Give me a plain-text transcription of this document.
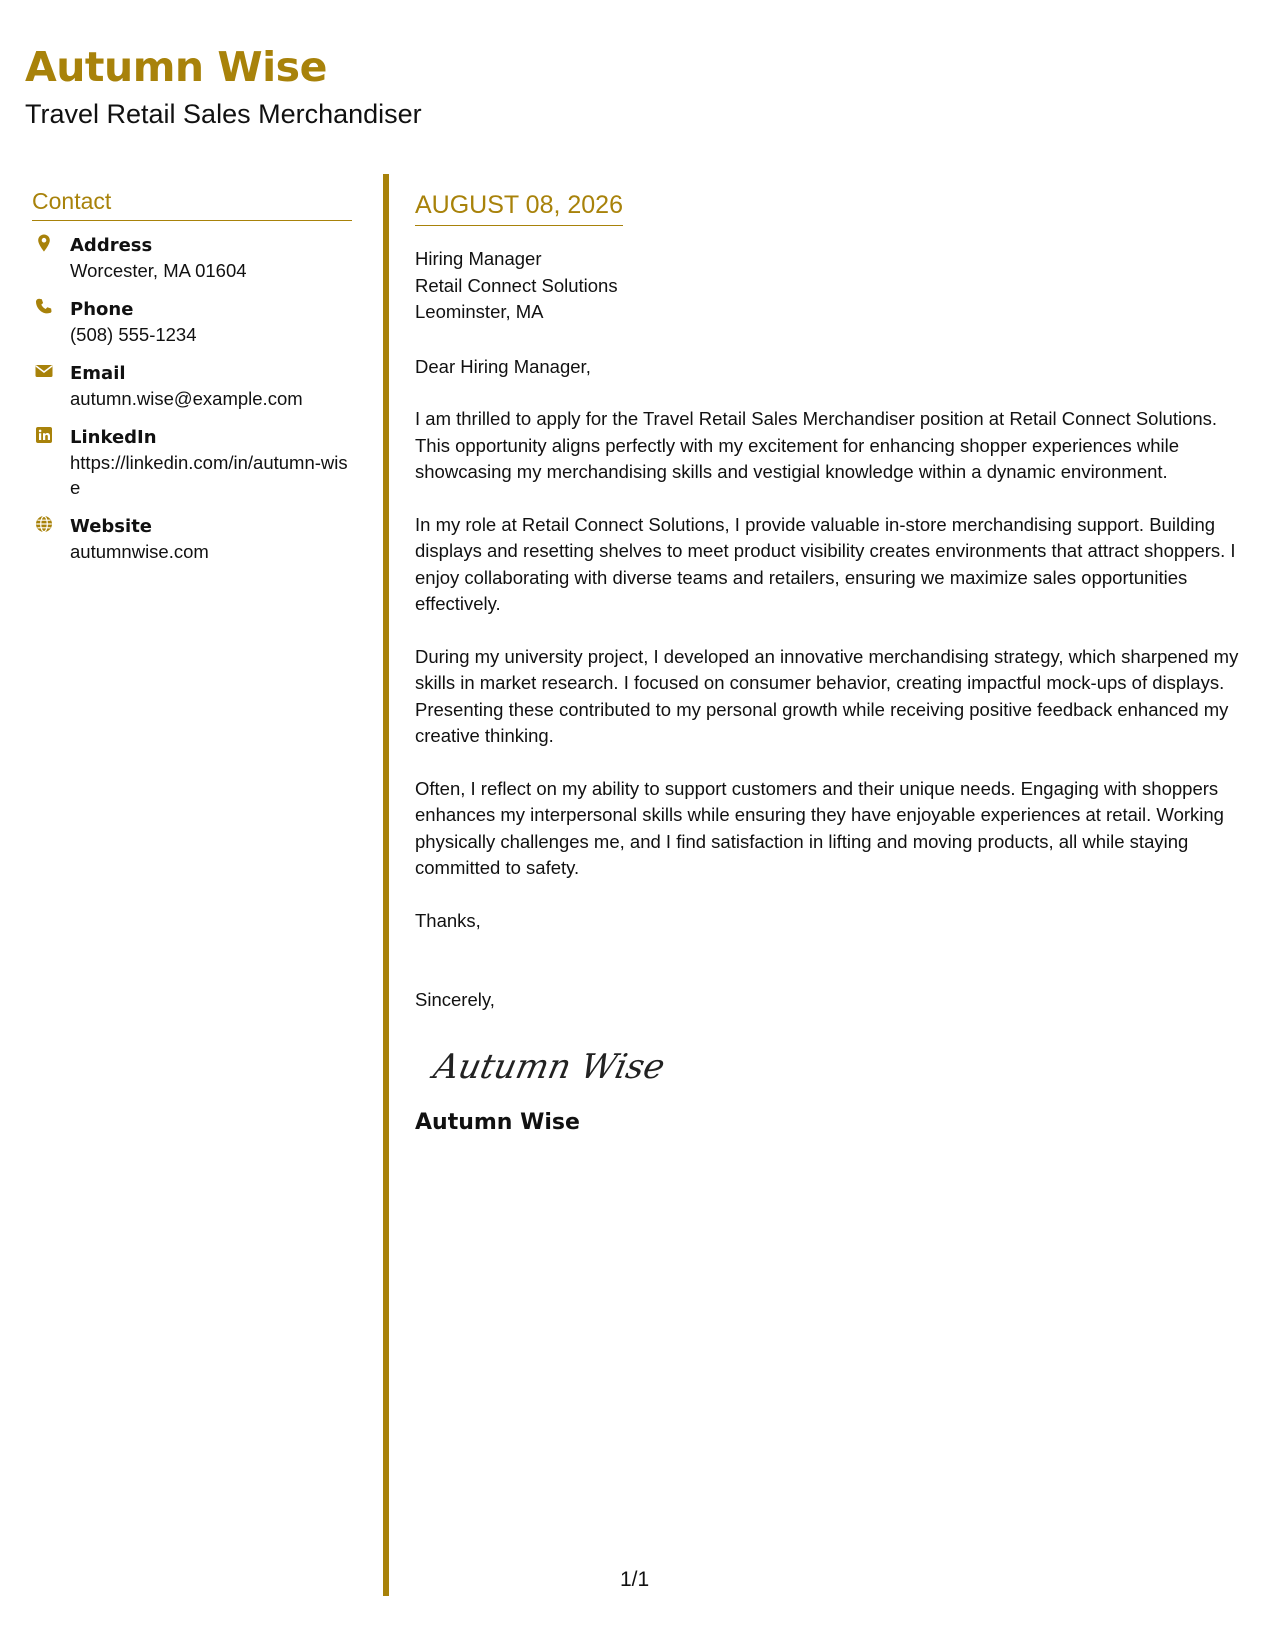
Autumn Wise
Travel Retail Sales Merchandiser
Contact
Address
Worcester, MA 01604
Phone
(508) 555-1234
Email
autumn.wise@example.com
LinkedIn
https://linkedin.com/in/autumn-wise
Website
autumnwise.com
AUGUST 08, 2026
Hiring Manager
Retail Connect Solutions
Leominster, MA
Dear Hiring Manager,
I am thrilled to apply for the Travel Retail Sales Merchandiser position at Retail Connect Solutions. This opportunity aligns perfectly with my excitement for enhancing shopper experiences while showcasing my merchandising skills and vestigial knowledge within a dynamic environment.
In my role at Retail Connect Solutions, I provide valuable in-store merchandising support. Building displays and resetting shelves to meet product visibility creates environments that attract shoppers. I enjoy collaborating with diverse teams and retailers, ensuring we maximize sales opportunities effectively.
During my university project, I developed an innovative merchandising strategy, which sharpened my skills in market research. I focused on consumer behavior, creating impactful mock-ups of displays. Presenting these contributed to my personal growth while receiving positive feedback enhanced my creative thinking.
Often, I reflect on my ability to support customers and their unique needs. Engaging with shoppers enhances my interpersonal skills while ensuring they have enjoyable experiences at retail. Working physically challenges me, and I find satisfaction in lifting and moving products, all while staying committed to safety.
Thanks,
Sincerely,
Autumn Wise
Autumn Wise
1/1
